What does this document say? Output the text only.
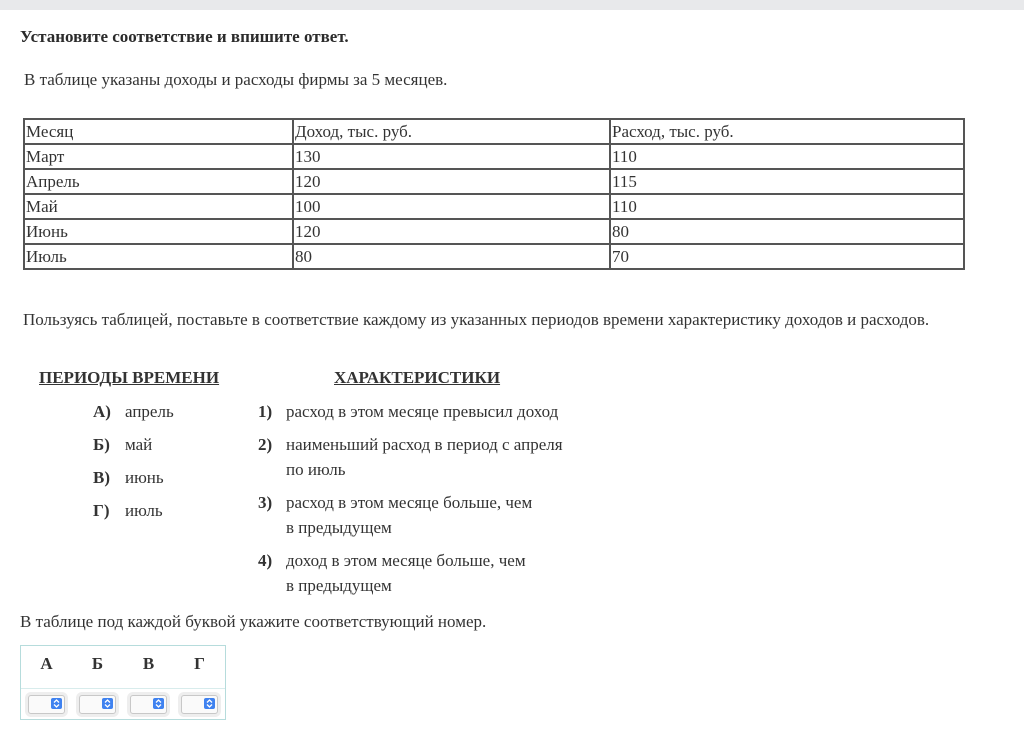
Установите соответствие и впишите ответ.
В таблице указаны доходы и расходы фирмы за 5 месяцев.
Месяц	Доход, тыс. руб.	Расход, тыс. руб.
Март	130	110
Апрель	120	115
Май	100	110
Июнь	120	80
Июль	80	70
Пользуясь таблицей, поставьте в соответствие каждому из указанных периодов времени характеристику доходов и расходов.
ПЕРИОДЫ ВРЕМЕНИ	ХАРАКТЕРИСТИКИ
А) апрель
Б) май
В) июнь
Г) июль
1) расход в этом месяце превысил доход
2) наименьший расход в период с апреля
по июль
3) расход в этом месяце больше, чем
в предыдущем
4) доход в этом месяце больше, чем
в предыдущем
В таблице под каждой буквой укажите соответствующий номер.
А	Б	В	Г
